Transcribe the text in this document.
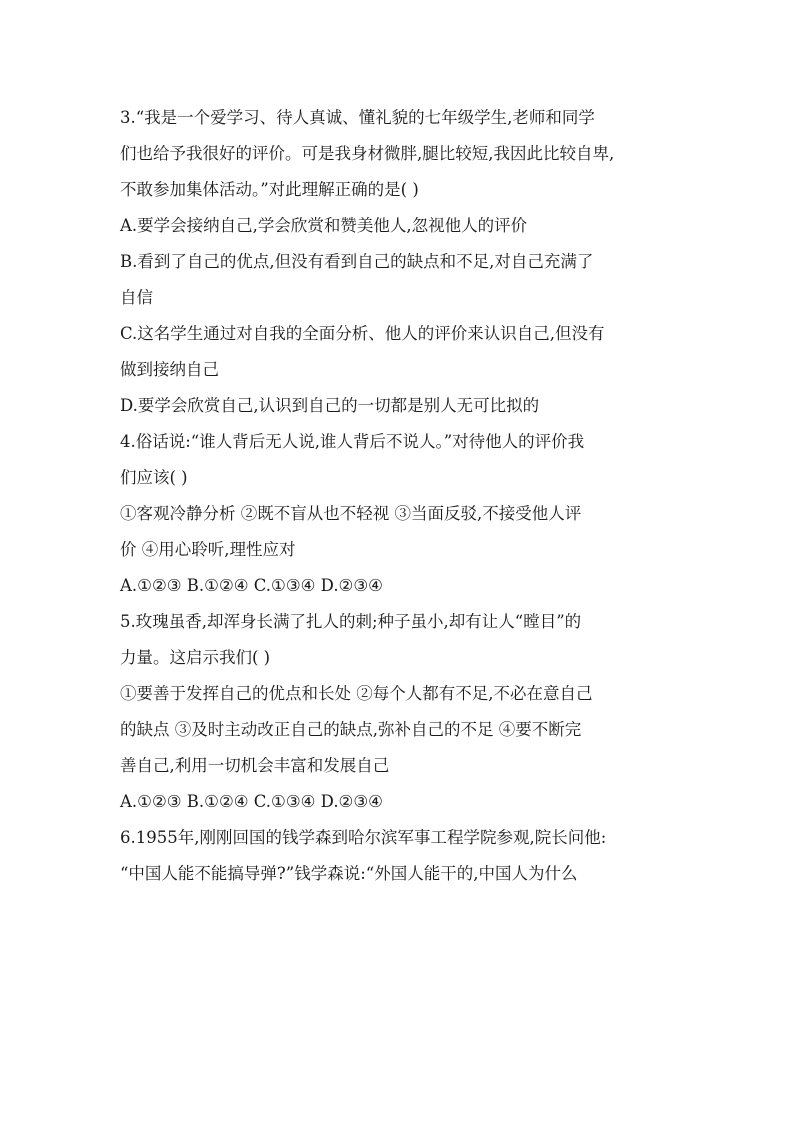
3.“我是一个爱学习、待人真诚、懂礼貌的七年级学生,老师和同学

们也给予我很好的评价。可是我身材微胖,腿比较短,我因此比较自卑,

不敢参加集体活动。”对此理解正确的是( )

A.要学会接纳自己,学会欣赏和赞美他人,忽视他人的评价

B.看到了自己的优点,但没有看到自己的缺点和不足,对自己充满了

自信

C.这名学生通过对自我的全面分析、他人的评价来认识自己,但没有

做到接纳自己

D.要学会欣赏自己,认识到自己的一切都是别人无可比拟的

4.俗话说:“谁人背后无人说,谁人背后不说人。”对待他人的评价我

们应该( )

①客观冷静分析 ②既不盲从也不轻视 ③当面反驳,不接受他人评

价 ④用心聆听,理性应对

A.①②③ B.①②④ C.①③④ D.②③④

5.玫瑰虽香,却浑身长满了扎人的刺;种子虽小,却有让人“瞠目”的

力量。这启示我们( )

①要善于发挥自己的优点和长处 ②每个人都有不足,不必在意自己

的缺点 ③及时主动改正自己的缺点,弥补自己的不足 ④要不断完

善自己,利用一切机会丰富和发展自己

A.①②③ B.①②④ C.①③④ D.②③④

6.1955年,刚刚回国的钱学森到哈尔滨军事工程学院参观,院长问他:

“中国人能不能搞导弹?”钱学森说:“外国人能干的,中国人为什么
